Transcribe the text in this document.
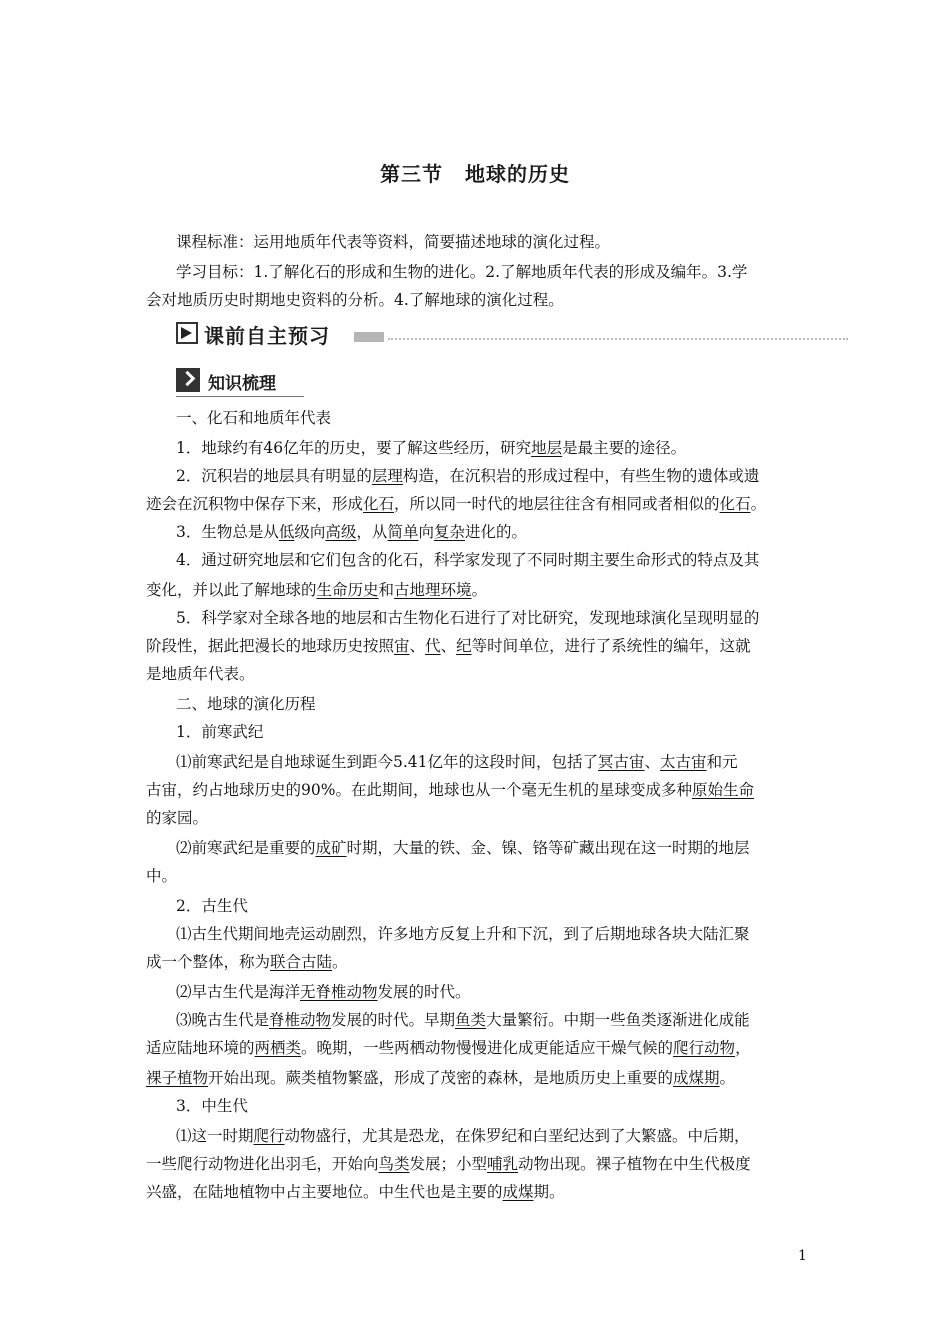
第三节 地球的历史
课程标准：运用地质年代表等资料，简要描述地球的演化过程。
学习目标：1.了解化石的形成和生物的进化。2.了解地质年代表的形成及编年。3.学
会对地质历史时期地史资料的分析。4.了解地球的演化过程。
课前自主预习
知识梳理
一、化石和地质年代表
1．地球约有46亿年的历史，要了解这些经历，研究地层是最主要的途径。
2．沉积岩的地层具有明显的层理构造，在沉积岩的形成过程中，有些生物的遗体或遗
迹会在沉积物中保存下来，形成化石，所以同一时代的地层往往含有相同或者相似的化石。
3．生物总是从低级向高级，从简单向复杂进化的。
4．通过研究地层和它们包含的化石，科学家发现了不同时期主要生命形式的特点及其
变化，并以此了解地球的生命历史和古地理环境。
5．科学家对全球各地的地层和古生物化石进行了对比研究，发现地球演化呈现明显的
阶段性，据此把漫长的地球历史按照宙、代、纪等时间单位，进行了系统性的编年，这就
是地质年代表。
二、地球的演化历程
1．前寒武纪
⑴前寒武纪是自地球诞生到距今5.41亿年的这段时间，包括了冥古宙、太古宙和元
古宙，约占地球历史的90%。在此期间，地球也从一个毫无生机的星球变成多种原始生命
的家园。
⑵前寒武纪是重要的成矿时期，大量的铁、金、镍、铬等矿藏出现在这一时期的地层
中。
2．古生代
⑴古生代期间地壳运动剧烈，许多地方反复上升和下沉，到了后期地球各块大陆汇聚
成一个整体，称为联合古陆。
⑵早古生代是海洋无脊椎动物发展的时代。
⑶晚古生代是脊椎动物发展的时代。早期鱼类大量繁衍。中期一些鱼类逐渐进化成能
适应陆地环境的两栖类。晚期，一些两栖动物慢慢进化成更能适应干燥气候的爬行动物，
裸子植物开始出现。蕨类植物繁盛，形成了茂密的森林，是地质历史上重要的成煤期。
3．中生代
⑴这一时期爬行动物盛行，尤其是恐龙，在侏罗纪和白垩纪达到了大繁盛。中后期，
一些爬行动物进化出羽毛，开始向鸟类发展；小型哺乳动物出现。裸子植物在中生代极度
兴盛，在陆地植物中占主要地位。中生代也是主要的成煤期。
1
